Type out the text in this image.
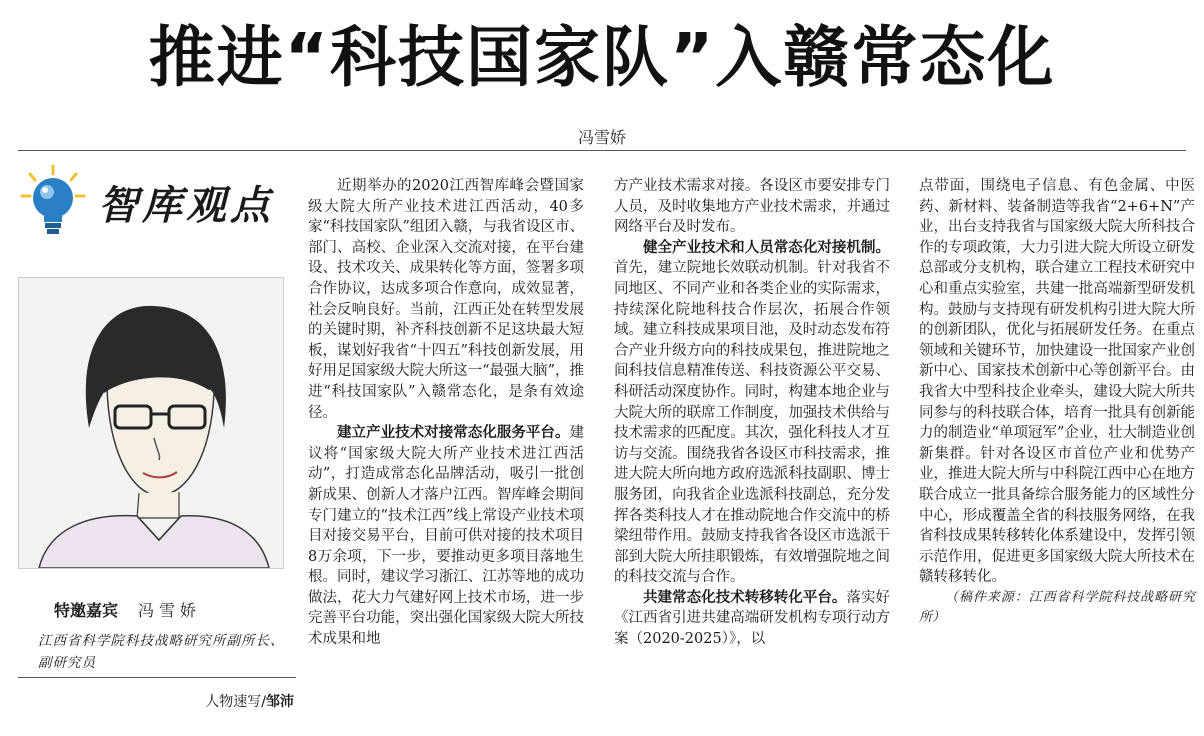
推进“科技国家队”入赣常态化
冯雪娇
智库观点
特邀嘉宾 冯雪娇
江西省科学院科技战略研究所副所长、副研究员
人物速写/邹沛

近期举办的2020江西智库峰会暨国家级大院大所产业技术进江西活动，40多家“科技国家队”组团入赣，与我省设区市、部门、高校、企业深入交流对接，在平台建设、技术攻关、成果转化等方面，签署多项合作协议，达成多项合作意向，成效显著，社会反响良好。当前，江西正处在转型发展的关键时期，补齐科技创新不足这块最大短板，谋划好我省“十四五”科技创新发展，用好用足国家级大院大所这一“最强大脑”，推进“科技国家队”入赣常态化，是条有效途径。

建立产业技术对接常态化服务平台。建议将“国家级大院大所产业技术进江西活动”，打造成常态化品牌活动，吸引一批创新成果、创新人才落户江西。智库峰会期间专门建立的“技术江西”线上常设产业技术项目对接交易平台，目前可供对接的技术项目8万余项，下一步，要推动更多项目落地生根。同时，建议学习浙江、江苏等地的成功做法，花大力气建好网上技术市场，进一步完善平台功能，突出强化国家级大院大所技术成果和地

方产业技术需求对接。各设区市要安排专门人员，及时收集地方产业技术需求，并通过网络平台及时发布。

健全产业技术和人员常态化对接机制。首先，建立院地长效联动机制。针对我省不同地区、不同产业和各类企业的实际需求，持续深化院地科技合作层次，拓展合作领域。建立科技成果项目池，及时动态发布符合产业升级方向的科技成果包，推进院地之间科技信息精准传送、科技资源公平交易、科研活动深度协作。同时，构建本地企业与大院大所的联席工作制度，加强技术供给与技术需求的匹配度。其次，强化科技人才互访与交流。围绕我省各设区市科技需求，推进大院大所向地方政府选派科技副职、博士服务团，向我省企业选派科技副总，充分发挥各类科技人才在推动院地合作交流中的桥梁纽带作用。鼓励支持我省各设区市选派干部到大院大所挂职锻炼，有效增强院地之间的科技交流与合作。

共建常态化技术转移转化平台。落实好《江西省引进共建高端研发机构专项行动方案（2020-2025）》，以

点带面，围绕电子信息、有色金属、中医药、新材料、装备制造等我省“2+6+N”产业，出台支持我省与国家级大院大所科技合作的专项政策，大力引进大院大所设立研发总部或分支机构，联合建立工程技术研究中心和重点实验室，共建一批高端新型研发机构。鼓励与支持现有研发机构引进大院大所的创新团队，优化与拓展研发任务。在重点领域和关键环节，加快建设一批国家产业创新中心、国家技术创新中心等创新平台。由我省大中型科技企业牵头，建设大院大所共同参与的科技联合体，培育一批具有创新能力的制造业“单项冠军”企业，壮大制造业创新集群。针对各设区市首位产业和优势产业，推进大院大所与中科院江西中心在地方联合成立一批具备综合服务能力的区域性分中心，形成覆盖全省的科技服务网络，在我省科技成果转移转化体系建设中，发挥引领示范作用，促进更多国家级大院大所技术在赣转移转化。

（稿件来源：江西省科学院科技战略研究所）
